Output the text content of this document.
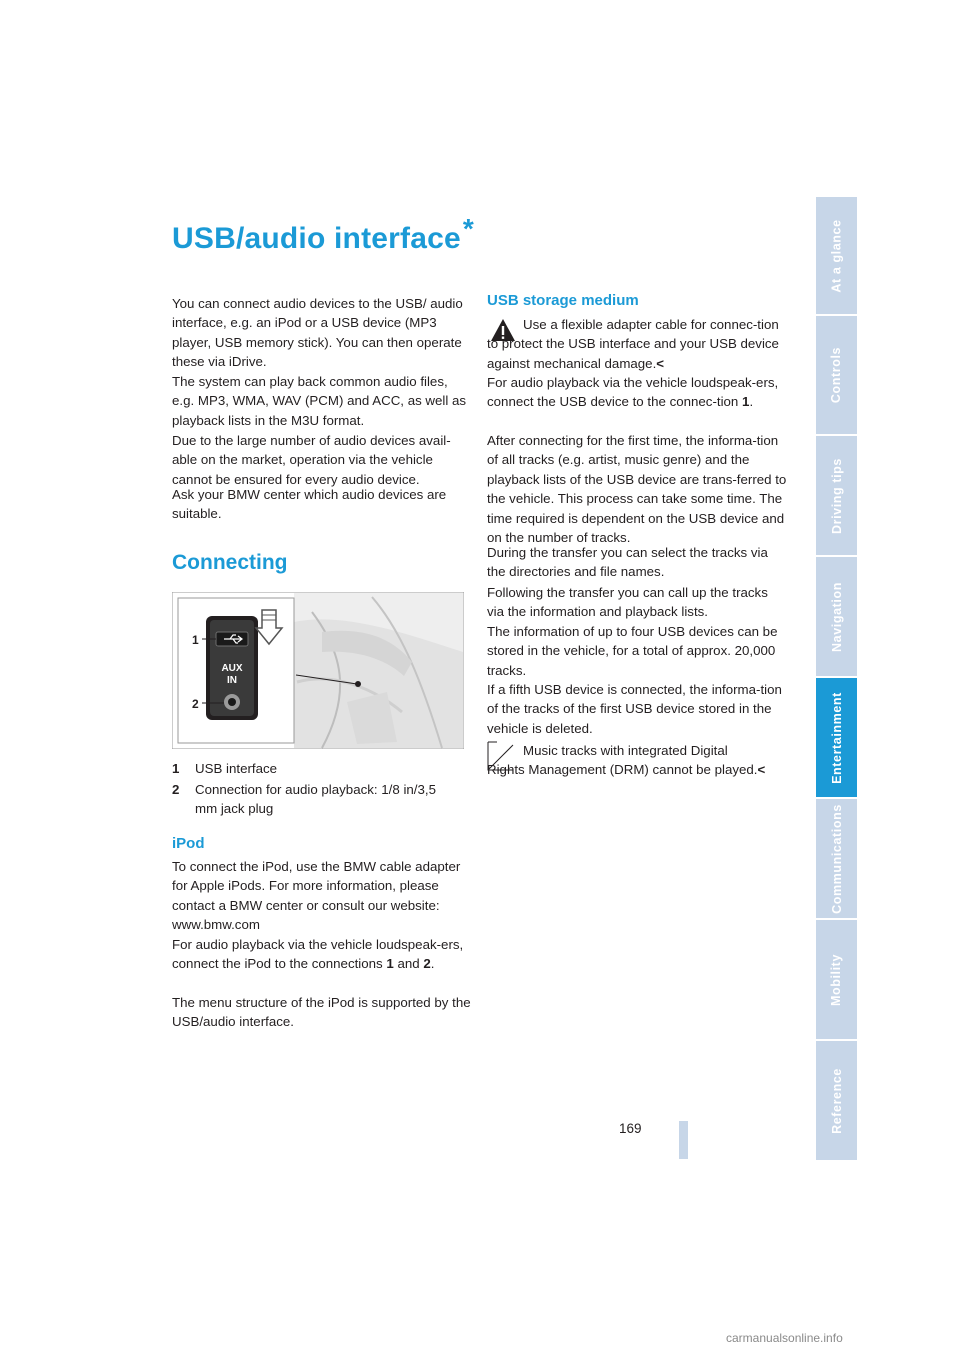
USB/audio interface*

You can connect audio devices to the USB/ audio interface, e.g. an iPod or a USB device (MP3 player, USB memory stick). You can then operate these via iDrive.

The system can play back common audio files, e.g. MP3, WMA, WAV (PCM) and ACC, as well as playback lists in the M3U format.

Due to the large number of audio devices avail-able on the market, operation via the vehicle cannot be ensured for every audio device.

Ask your BMW center which audio devices are suitable.

Connecting
AUX
IN
1
2
1 USB interface
2 Connection for audio playback: 1/8 in/3,5 mm jack plug
iPod

To connect the iPod, use the BMW cable adapter for Apple iPods. For more information, please contact a BMW center or consult our website: www.bmw.com

For audio playback via the vehicle loudspeak-ers, connect the iPod to the connections 1 and 2.

The menu structure of the iPod is supported by the USB/audio interface.

USB storage medium

Use a flexible adapter cable for connec-tion to protect the USB interface and your USB device against mechanical damage.<

For audio playback via the vehicle loudspeak-ers, connect the USB device to the connec-tion 1.

After connecting for the first time, the informa-tion of all tracks (e.g. artist, music genre) and the playback lists of the USB device are trans-ferred to the vehicle. This process can take some time. The time required is dependent on the USB device and on the number of tracks.

During the transfer you can select the tracks via the directories and file names.

Following the transfer you can call up the tracks via the information and playback lists.

The information of up to four USB devices can be stored in the vehicle, for a total of approx. 20,000 tracks.

If a fifth USB device is connected, the informa-tion of the tracks of the first USB device stored in the vehicle is deleted.

Music tracks with integrated Digital Rights Management (DRM) cannot be played.<

At a glance
Controls
Driving tips
Navigation
Entertainment
Communications
Mobility
Reference
169
carmanualsonline.info
